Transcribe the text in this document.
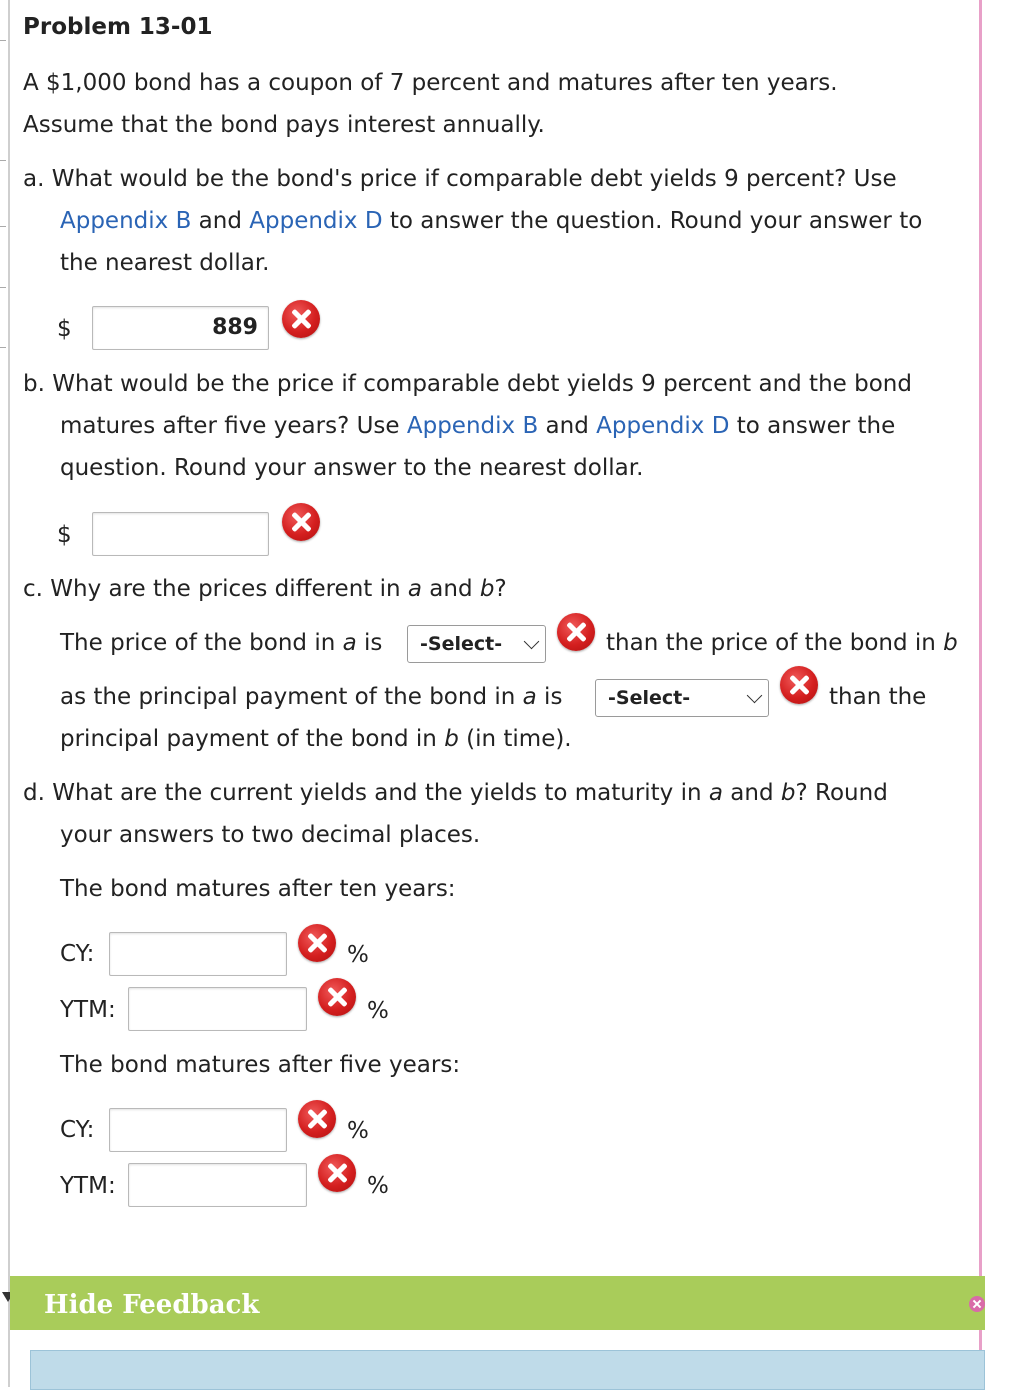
Problem 13-01
A $1,000 bond has a coupon of 7 percent and matures after ten years.
Assume that the bond pays interest annually.
a. What would be the bond's price if comparable debt yields 9 percent? Use
Appendix B and Appendix D to answer the question. Round your answer to
the nearest dollar.
$	889
b. What would be the price if comparable debt yields 9 percent and the bond
matures after five years? Use Appendix B and Appendix D to answer the
question. Round your answer to the nearest dollar.
$
c. Why are the prices different in a and b?
The price of the bond in a is	-Select-	than the price of the bond in b
as the principal payment of the bond in a is	-Select-	than the
principal payment of the bond in b (in time).
d. What are the current yields and the yields to maturity in a and b? Round
your answers to two decimal places.
The bond matures after ten years:
CY:	%
YTM:	%
The bond matures after five years:
CY:	%
YTM:	%
Hide Feedback
